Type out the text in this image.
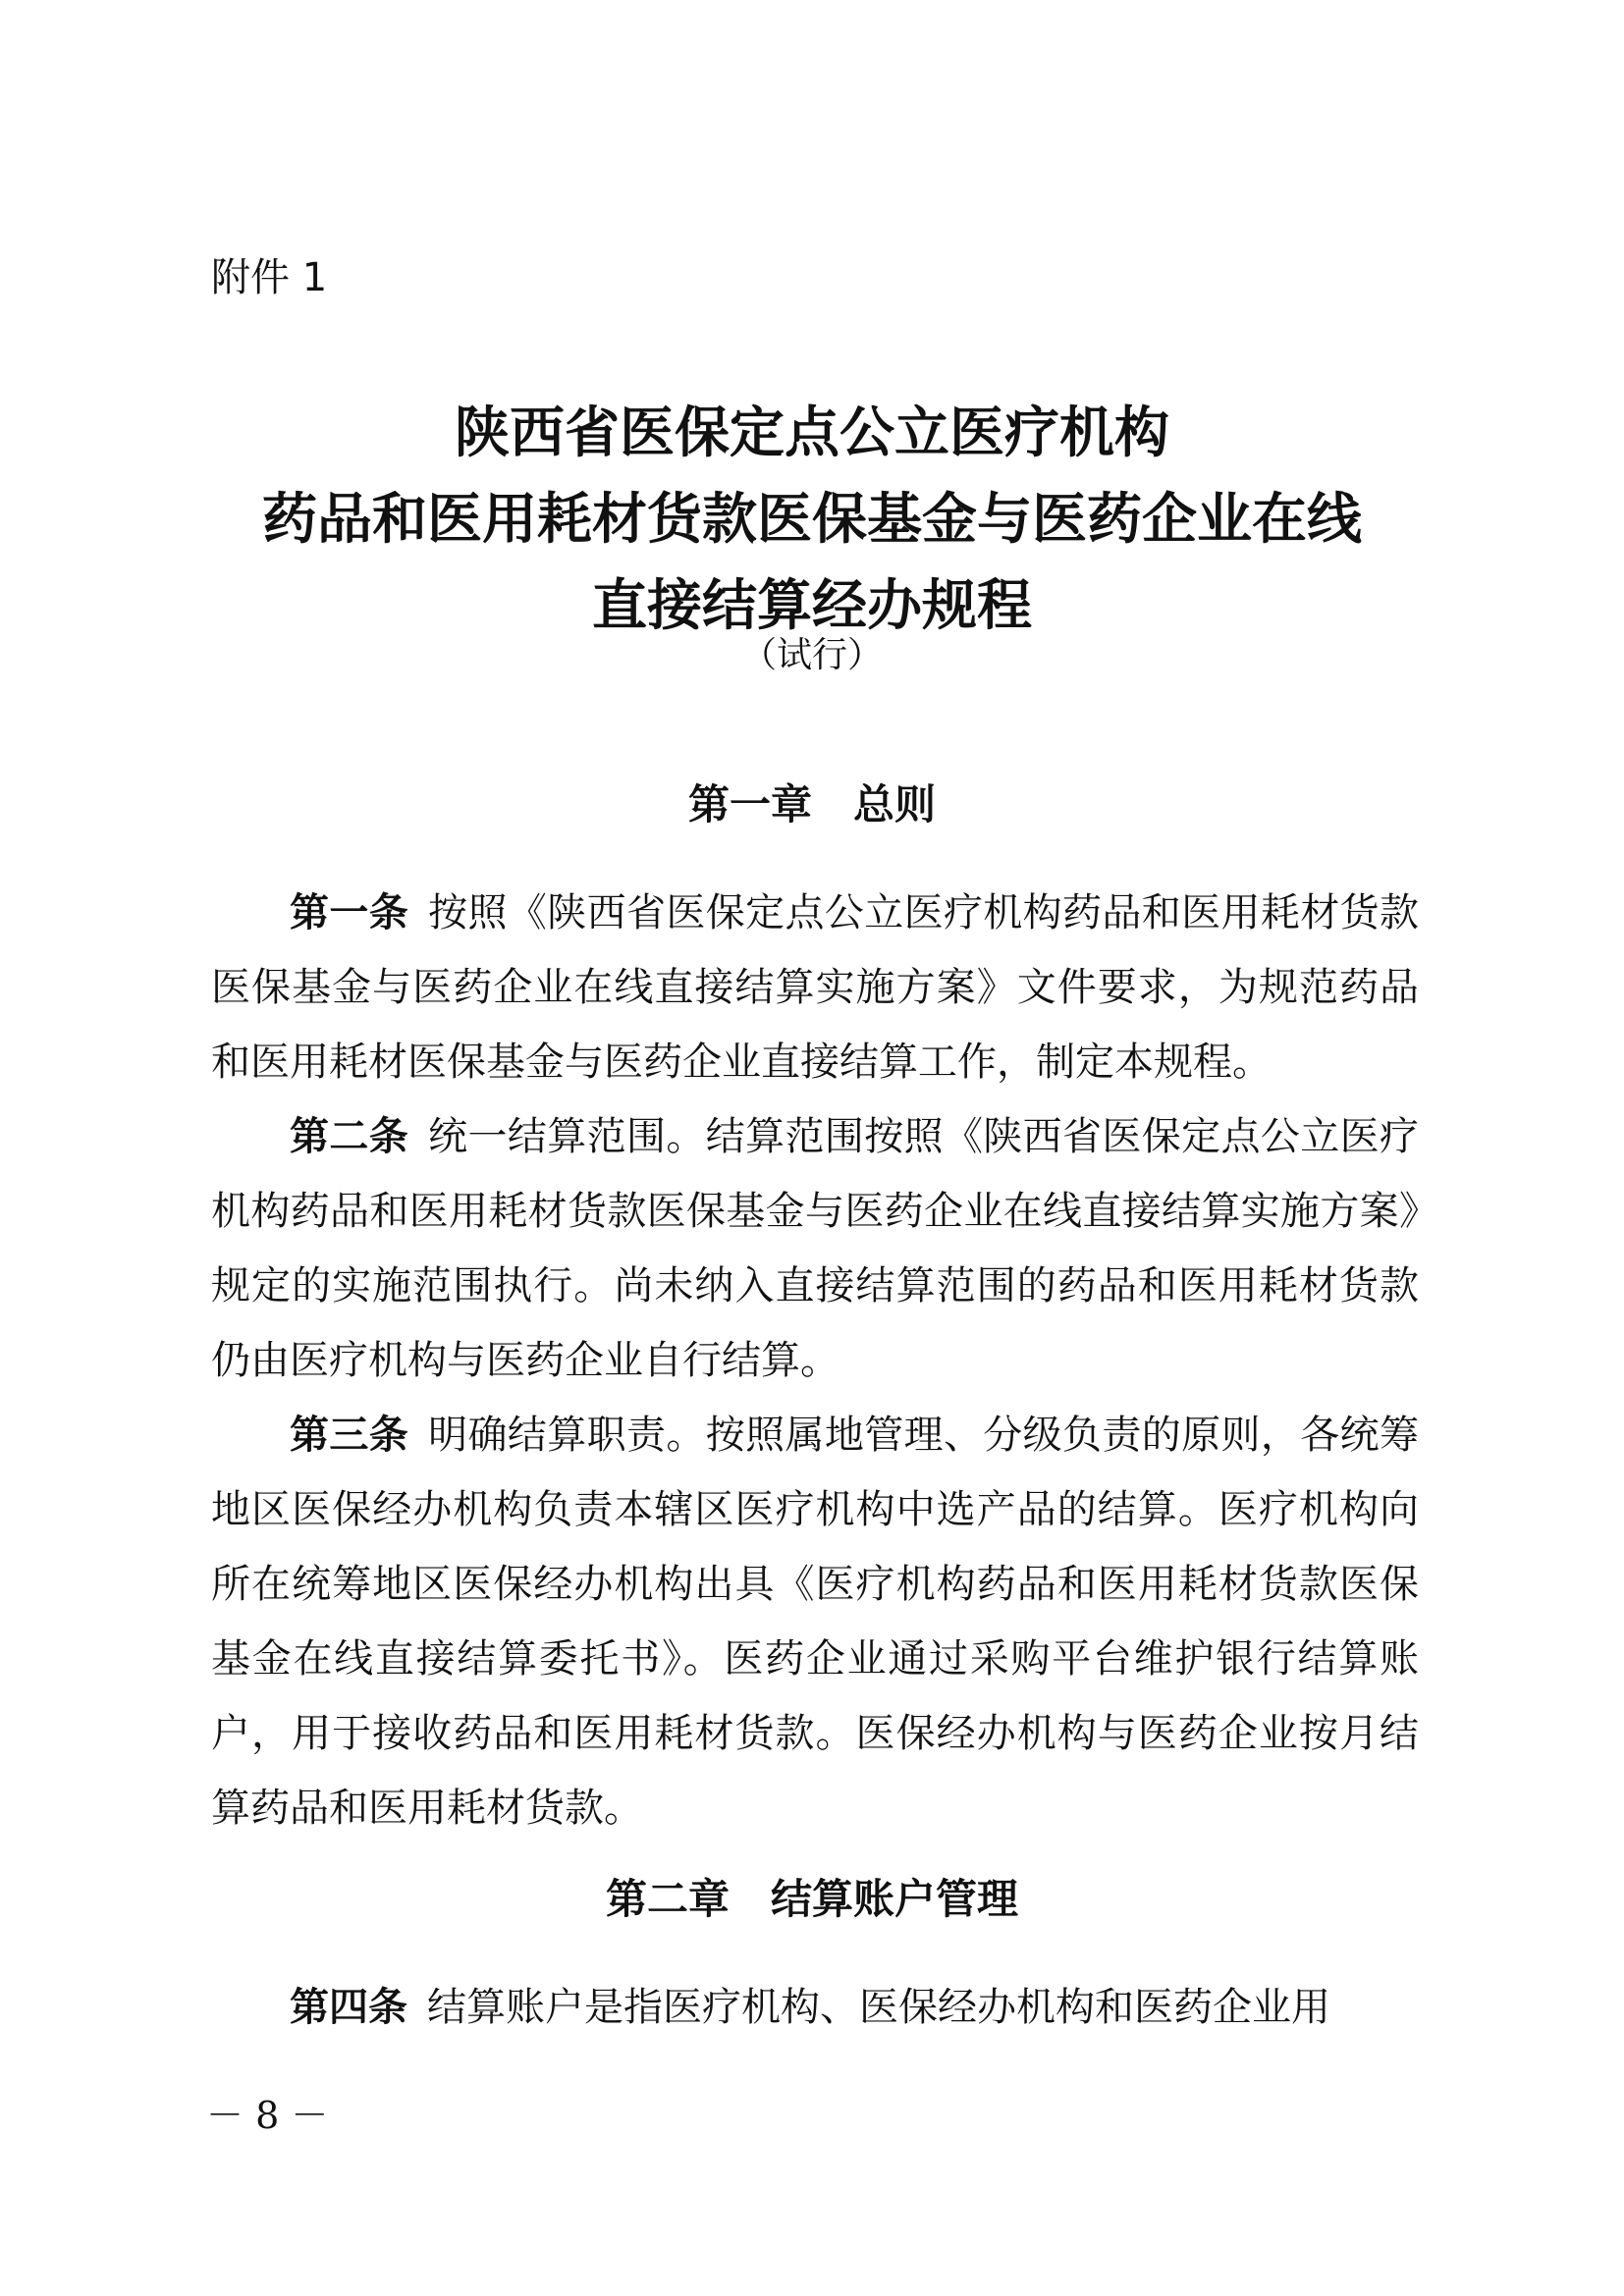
附件 1
陕西省医保定点公立医疗机构
药品和医用耗材货款医保基金与医药企业在线
直接结算经办规程
（试行）
第一章　总则

第一条 按照《陕西省医保定点公立医疗机构药品和医用耗材货款医保基金与医药企业在线直接结算实施方案》文件要求，为规范药品和医用耗材医保基金与医药企业直接结算工作，制定本规程。

第二条 统一结算范围。结算范围按照《陕西省医保定点公立医疗机构药品和医用耗材货款医保基金与医药企业在线直接结算实施方案》规定的实施范围执行。尚未纳入直接结算范围的药品和医用耗材货款仍由医疗机构与医药企业自行结算。

第三条 明确结算职责。按照属地管理、分级负责的原则，各统筹地区医保经办机构负责本辖区医疗机构中选产品的结算。医疗机构向所在统筹地区医保经办机构出具《医疗机构药品和医用耗材货款医保基金在线直接结算委托书》。医药企业通过采购平台维护银行结算账户，用于接收药品和医用耗材货款。医保经办机构与医药企业按月结算药品和医用耗材货款。

第二章　结算账户管理

第四条 结算账户是指医疗机构、医保经办机构和医药企业用

－ 8 －
